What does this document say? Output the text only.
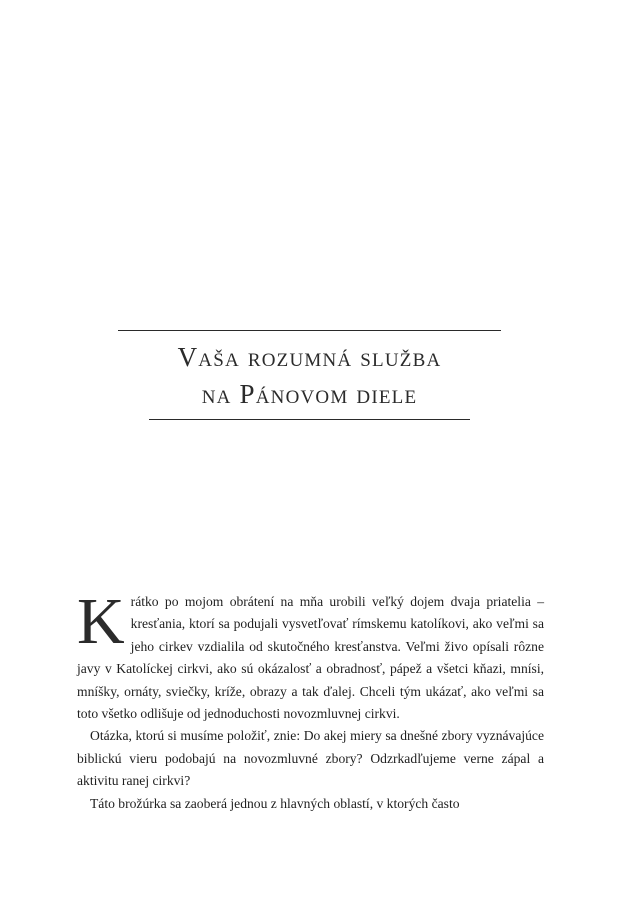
Vaša rozumná služba
na Pánovom diele

Krátko po mojom obrátení na mňa urobili veľký dojem dvaja priatelia – kresťania, ktorí sa podujali vysvetľovať rímskemu katolíkovi, ako veľmi sa jeho cirkev vzdialila od skutočného kresťanstva. Veľmi živo opísali rôzne javy v Katolíckej cirkvi, ako sú okázalosť a obradnosť, pápež a všetci kňazi, mnísi, mníšky, ornáty, sviečky, kríže, obrazy a tak ďalej. Chceli tým ukázať, ako veľmi sa toto všetko odlišuje od jednoduchosti novozmluvnej cirkvi.

Otázka, ktorú si musíme položiť, znie: Do akej miery sa dnešné zbory vyznávajúce biblickú vieru podobajú na novozmluvné zbory? Odzrkadľujeme verne zápal a aktivitu ranej cirkvi?

Táto brožúrka sa zaoberá jednou z hlavných oblastí, v ktorých často
